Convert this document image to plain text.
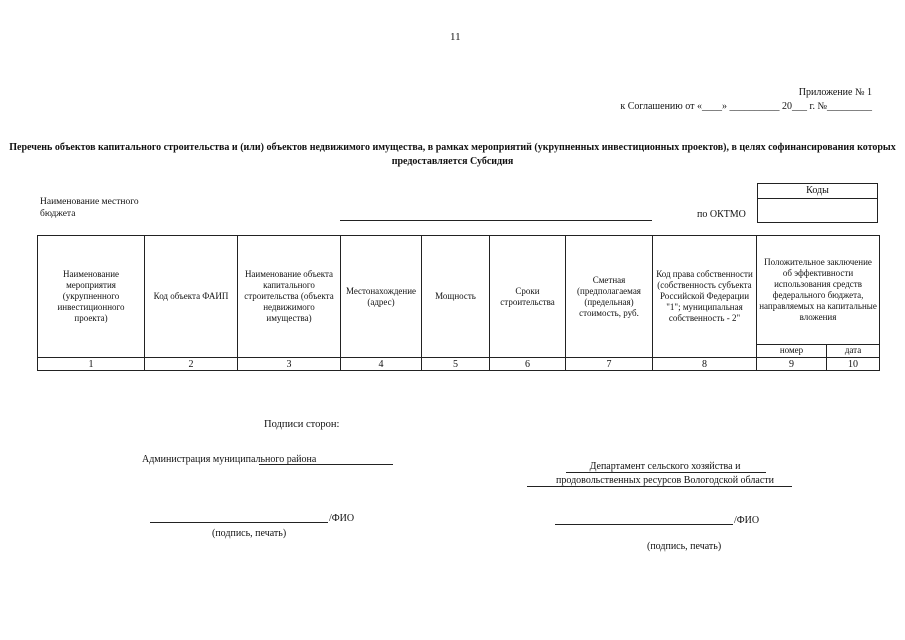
11
Приложение № 1
к Соглашению от «____» __________ 20___ г. №_________
Перечень объектов капитального строительства и (или) объектов недвижимого имущества, в рамках мероприятий (укрупненных инвестиционных проектов), в целях софинансирования которых предоставляется Субсидия
Наименование местного бюджета	по ОКТМО
Коды
Наименование мероприятия (укрупненного инвестиционного проекта)	Код объекта ФАИП	Наименование объекта капитального строительства (объекта недвижимого имущества)	Местонахождение (адрес)	Мощность	Сроки строительства	Сметная (предполагаемая (предельная) стоимость, руб.	Код права собственности (собственность субъекта Российской Федерации "1"; муниципальная собственность - 2"	Положительное заключение об эффективности использования средств федерального бюджета, направляемых на капитальные вложения	
								номер	дата
1	2	3	4	5	6	7	8	9	10
Подписи сторон:
Администрация муниципального района
Департамент сельского хозяйства и
продовольственных ресурсов Вологодской области
/ФИО
(подпись, печать)
/ФИО
(подпись, печать)
